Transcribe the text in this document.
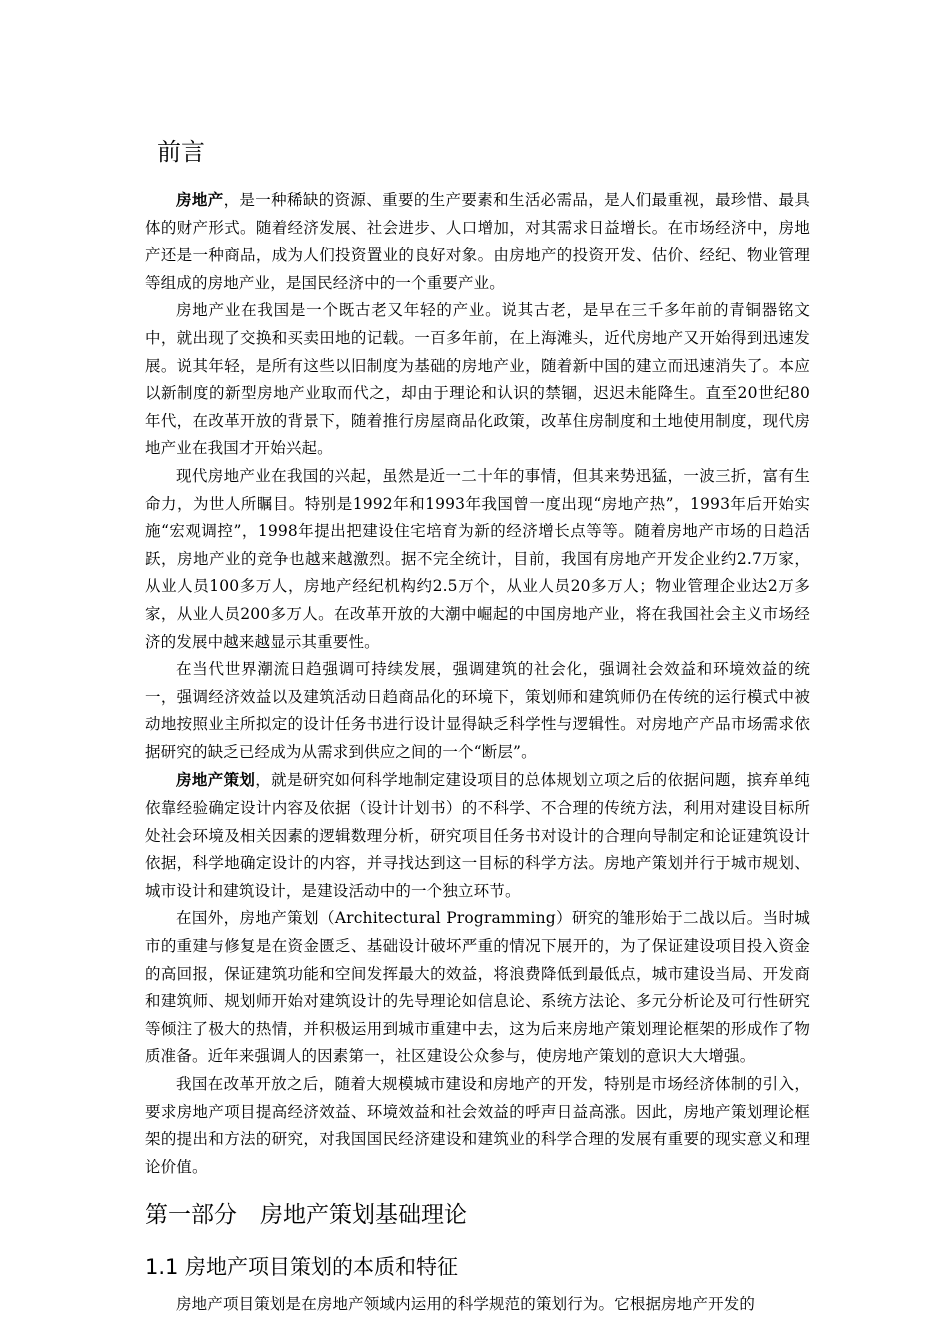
前言

房地产，是一种稀缺的资源、重要的生产要素和生活必需品，是人们最重视，最珍惜、最具体的财产形式。随着经济发展、社会进步、人口增加，对其需求日益增长。在市场经济中，房地产还是一种商品，成为人们投资置业的良好对象。由房地产的投资开发、估价、经纪、物业管理等组成的房地产业，是国民经济中的一个重要产业。

房地产业在我国是一个既古老又年轻的产业。说其古老，是早在三千多年前的青铜器铭文中，就出现了交换和买卖田地的记载。一百多年前，在上海滩头，近代房地产又开始得到迅速发展。说其年轻，是所有这些以旧制度为基础的房地产业，随着新中国的建立而迅速消失了。本应以新制度的新型房地产业取而代之，却由于理论和认识的禁锢，迟迟未能降生。直至20世纪80年代，在改革开放的背景下，随着推行房屋商品化政策，改革住房制度和土地使用制度，现代房地产业在我国才开始兴起。

现代房地产业在我国的兴起，虽然是近一二十年的事情，但其来势迅猛，一波三折，富有生命力，为世人所瞩目。特别是1992年和1993年我国曾一度出现“房地产热”，1993年后开始实施“宏观调控”，1998年提出把建设住宅培育为新的经济增长点等等。随着房地产市场的日趋活跃，房地产业的竞争也越来越激烈。据不完全统计，目前，我国有房地产开发企业约2.7万家，从业人员100多万人，房地产经纪机构约2.5万个，从业人员20多万人；物业管理企业达2万多家，从业人员200多万人。在改革开放的大潮中崛起的中国房地产业，将在我国社会主义市场经济的发展中越来越显示其重要性。

在当代世界潮流日趋强调可持续发展，强调建筑的社会化，强调社会效益和环境效益的统一，强调经济效益以及建筑活动日趋商品化的环境下，策划师和建筑师仍在传统的运行模式中被动地按照业主所拟定的设计任务书进行设计显得缺乏科学性与逻辑性。对房地产产品市场需求依据研究的缺乏已经成为从需求到供应之间的一个“断层”。

房地产策划，就是研究如何科学地制定建设项目的总体规划立项之后的依据问题，摈弃单纯依靠经验确定设计内容及依据（设计计划书）的不科学、不合理的传统方法，利用对建设目标所处社会环境及相关因素的逻辑数理分析，研究项目任务书对设计的合理向导制定和论证建筑设计依据，科学地确定设计的内容，并寻找达到这一目标的科学方法。房地产策划并行于城市规划、城市设计和建筑设计，是建设活动中的一个独立环节。

在国外，房地产策划（Architectural Programming）研究的雏形始于二战以后。当时城市的重建与修复是在资金匮乏、基础设计破坏严重的情况下展开的，为了保证建设项目投入资金的高回报，保证建筑功能和空间发挥最大的效益，将浪费降低到最低点，城市建设当局、开发商和建筑师、规划师开始对建筑设计的先导理论如信息论、系统方法论、多元分析论及可行性研究等倾注了极大的热情，并积极运用到城市重建中去，这为后来房地产策划理论框架的形成作了物质准备。近年来强调人的因素第一，社区建设公众参与，使房地产策划的意识大大增强。

我国在改革开放之后，随着大规模城市建设和房地产的开发，特别是市场经济体制的引入，要求房地产项目提高经济效益、环境效益和社会效益的呼声日益高涨。因此，房地产策划理论框架的提出和方法的研究，对我国国民经济建设和建筑业的科学合理的发展有重要的现实意义和理论价值。

第一部分　房地产策划基础理论
1.1 房地产项目策划的本质和特征

房地产项目策划是在房地产领域内运用的科学规范的策划行为。它根据房地产开发的
